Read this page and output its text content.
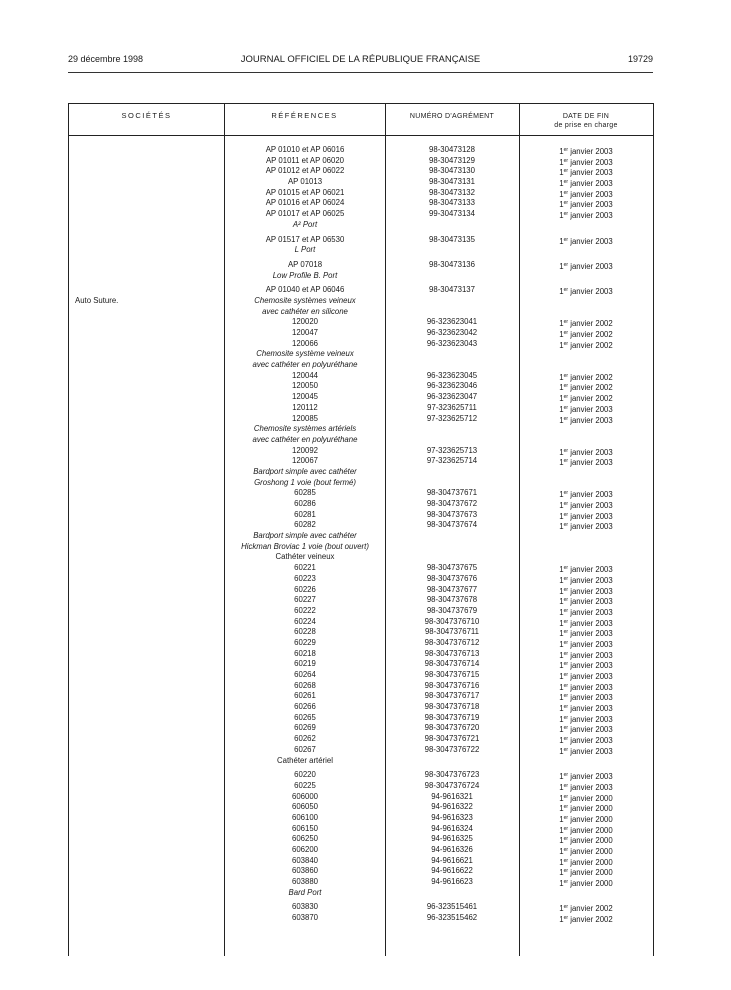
29 décembre 1998	JOURNAL OFFICIEL DE LA RÉPUBLIQUE FRANÇAISE	19729
SOCIÉTÉS	RÉFÉRENCES	NUMÉRO D'AGRÉMENT	DATE DE FIN
de prise en charge
AP 01010 et AP 06016	98-30473128	1er janvier 2003
AP 01011 et AP 06020	98-30473129	1er janvier 2003
AP 01012 et AP 06022	98-30473130	1er janvier 2003
AP 01013	98-30473131	1er janvier 2003
AP 01015 et AP 06021	98-30473132	1er janvier 2003
AP 01016 et AP 06024	98-30473133	1er janvier 2003
AP 01017 et AP 06025	99-30473134	1er janvier 2003
A² Port
AP 01517 et AP 06530	98-30473135	1er janvier 2003
L Port
AP 07018	98-30473136	1er janvier 2003
Low Profile B. Port
AP 01040 et AP 06046	98-30473137	1er janvier 2003
Auto Suture.	Chemosite systèmes veineux
avec cathéter en silicone
120020	96-323623041	1er janvier 2002
120047	96-323623042	1er janvier 2002
120066	96-323623043	1er janvier 2002
Chemosite système veineux
avec cathéter en polyuréthane
120044	96-323623045	1er janvier 2002
120050	96-323623046	1er janvier 2002
120045	96-323623047	1er janvier 2002
120112	97-323625711	1er janvier 2003
120085	97-323625712	1er janvier 2003
Chemosite systèmes artériels
avec cathéter en polyuréthane
120092	97-323625713	1er janvier 2003
120067	97-323625714	1er janvier 2003
Bardport simple avec cathéter
Groshong 1 voie (bout fermé)
60285	98-304737671	1er janvier 2003
60286	98-304737672	1er janvier 2003
60281	98-304737673	1er janvier 2003
60282	98-304737674	1er janvier 2003
Bardport simple avec cathéter
Hickman Broviac 1 voie (bout ouvert)
Cathéter veineux
60221	98-304737675	1er janvier 2003
60223	98-304737676	1er janvier 2003
60226	98-304737677	1er janvier 2003
60227	98-304737678	1er janvier 2003
60222	98-304737679	1er janvier 2003
60224	98-3047376710	1er janvier 2003
60228	98-3047376711	1er janvier 2003
60229	98-3047376712	1er janvier 2003
60218	98-3047376713	1er janvier 2003
60219	98-3047376714	1er janvier 2003
60264	98-3047376715	1er janvier 2003
60268	98-3047376716	1er janvier 2003
60261	98-3047376717	1er janvier 2003
60266	98-3047376718	1er janvier 2003
60265	98-3047376719	1er janvier 2003
60269	98-3047376720	1er janvier 2003
60262	98-3047376721	1er janvier 2003
60267	98-3047376722	1er janvier 2003
Cathéter artériel
60220	98-3047376723	1er janvier 2003
60225	98-3047376724	1er janvier 2003
606000	94-9616321	1er janvier 2000
606050	94-9616322	1er janvier 2000
606100	94-9616323	1er janvier 2000
606150	94-9616324	1er janvier 2000
606250	94-9616325	1er janvier 2000
606200	94-9616326	1er janvier 2000
603840	94-9616621	1er janvier 2000
603860	94-9616622	1er janvier 2000
603880	94-9616623	1er janvier 2000
Bard Port
603830	96-323515461	1er janvier 2002
603870	96-323515462	1er janvier 2002
